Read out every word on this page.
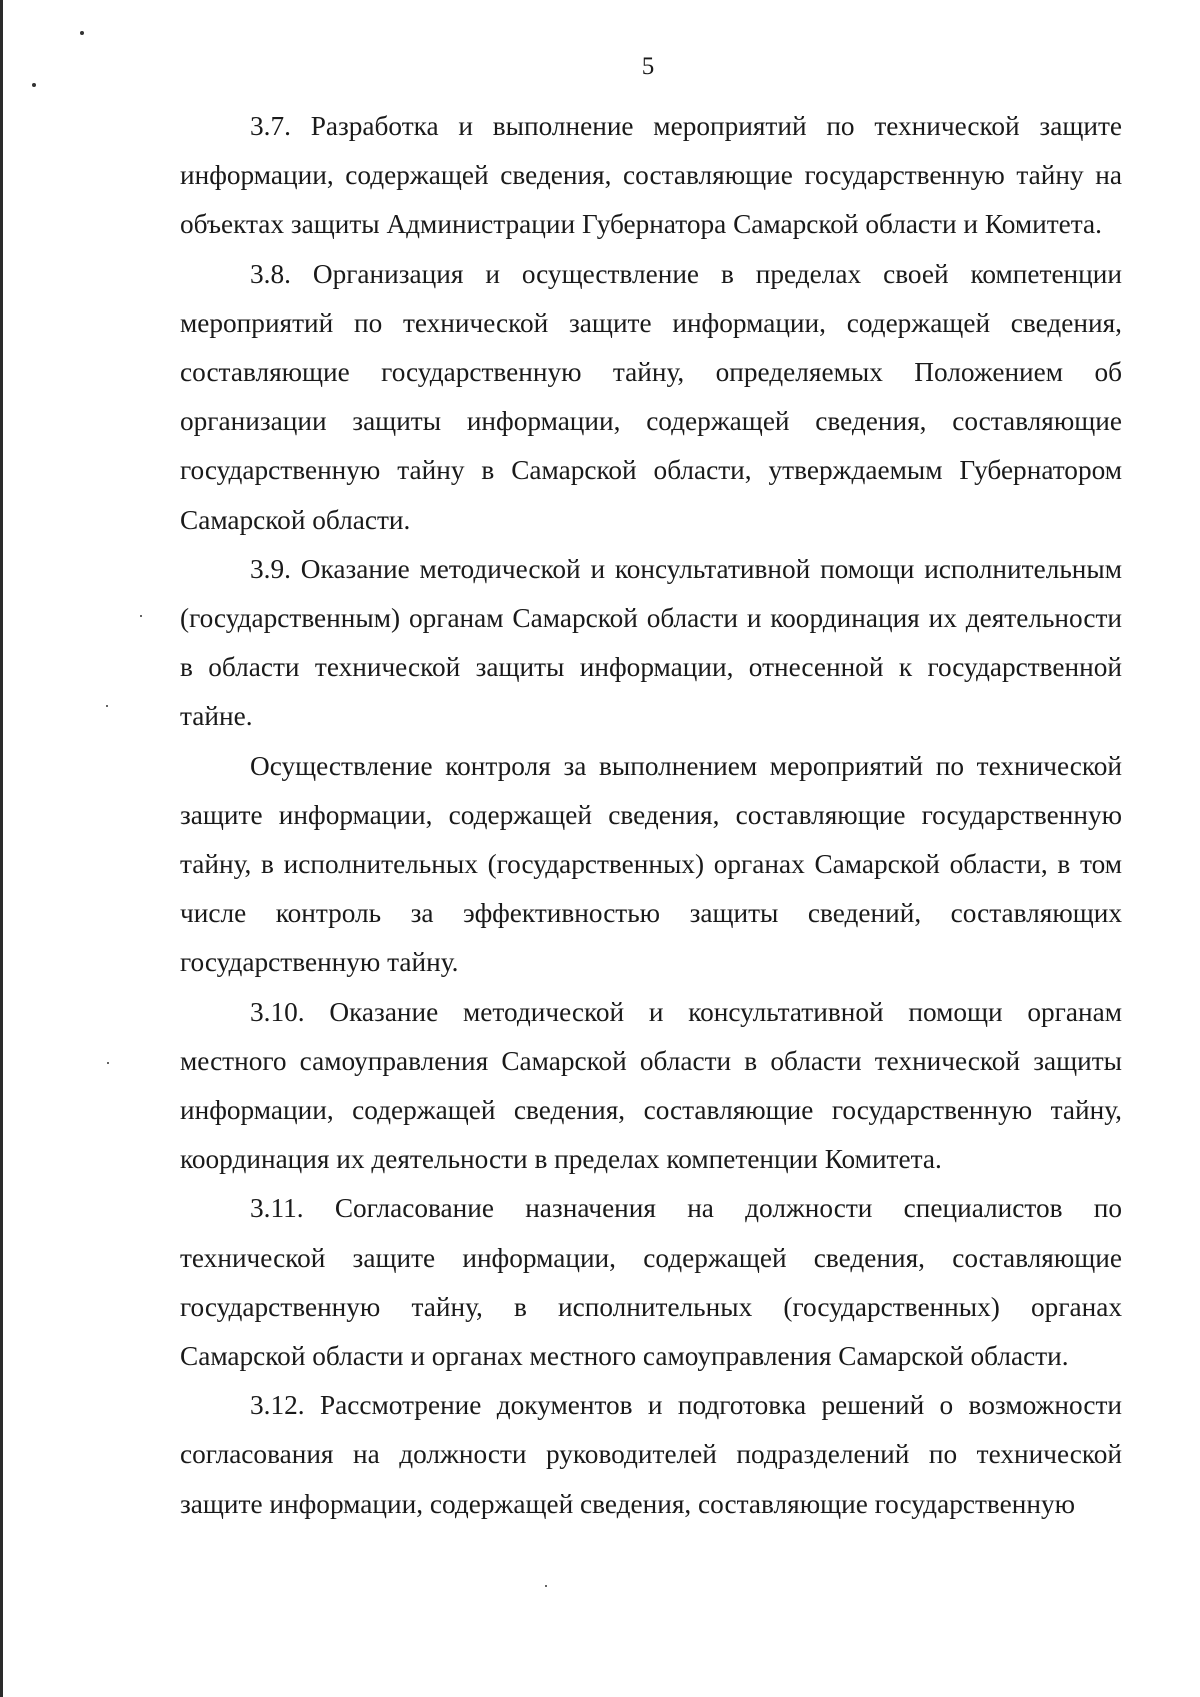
5

3.7. Разработка и выполнение мероприятий по технической защите информации, содержащей сведения, составляющие государственную тайну на объектах защиты Администрации Губернатора Самарской области и Комитета.

3.8. Организация и осуществление в пределах своей компетенции мероприятий по технической защите информации, содержащей сведения, составляющие государственную тайну, определяемых Положением об организации защиты информации, содержащей сведения, составляющие государственную тайну в Самарской области, утверждаемым Губернатором Самарской области.

3.9. Оказание методической и консультативной помощи исполнительным (государственным) органам Самарской области и координация их деятельности в области технической защиты информации, отнесенной к государственной тайне.

Осуществление контроля за выполнением мероприятий по технической защите информации, содержащей сведения, составляющие государственную тайну, в исполнительных (государственных) органах Самарской области, в том числе контроль за эффективностью защиты сведений, составляющих государственную тайну.

3.10. Оказание методической и консультативной помощи органам местного самоуправления Самарской области в области технической защиты информации, содержащей сведения, составляющие государственную тайну, координация их деятельности в пределах компетенции Комитета.

3.11. Согласование назначения на должности специалистов по технической защите информации, содержащей сведения, составляющие государственную тайну, в исполнительных (государственных) органах Самарской области и органах местного самоуправления Самарской области.

3.12. Рассмотрение документов и подготовка решений о возможности согласования на должности руководителей подразделений по технической защите информации, содержащей сведения, составляющие государственную
